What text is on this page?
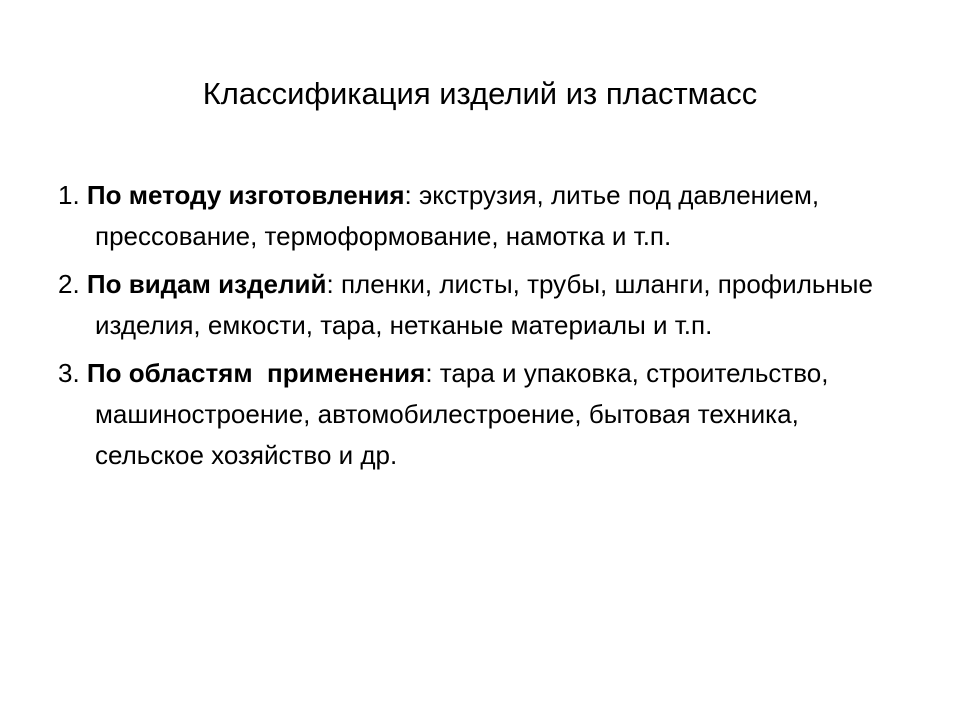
Классификация изделий из пластмасс
1. По методу изготовления: экструзия, литье под давлением, прессование, термоформование, намотка и т.п.
2. По видам изделий: пленки, листы, трубы, шланги, профильные изделия, емкости, тара, нетканые материалы и т.п.
3. По областям  применения: тара и упаковка, строительство, машиностроение, автомобилестроение, бытовая техника, сельское хозяйство и др.
